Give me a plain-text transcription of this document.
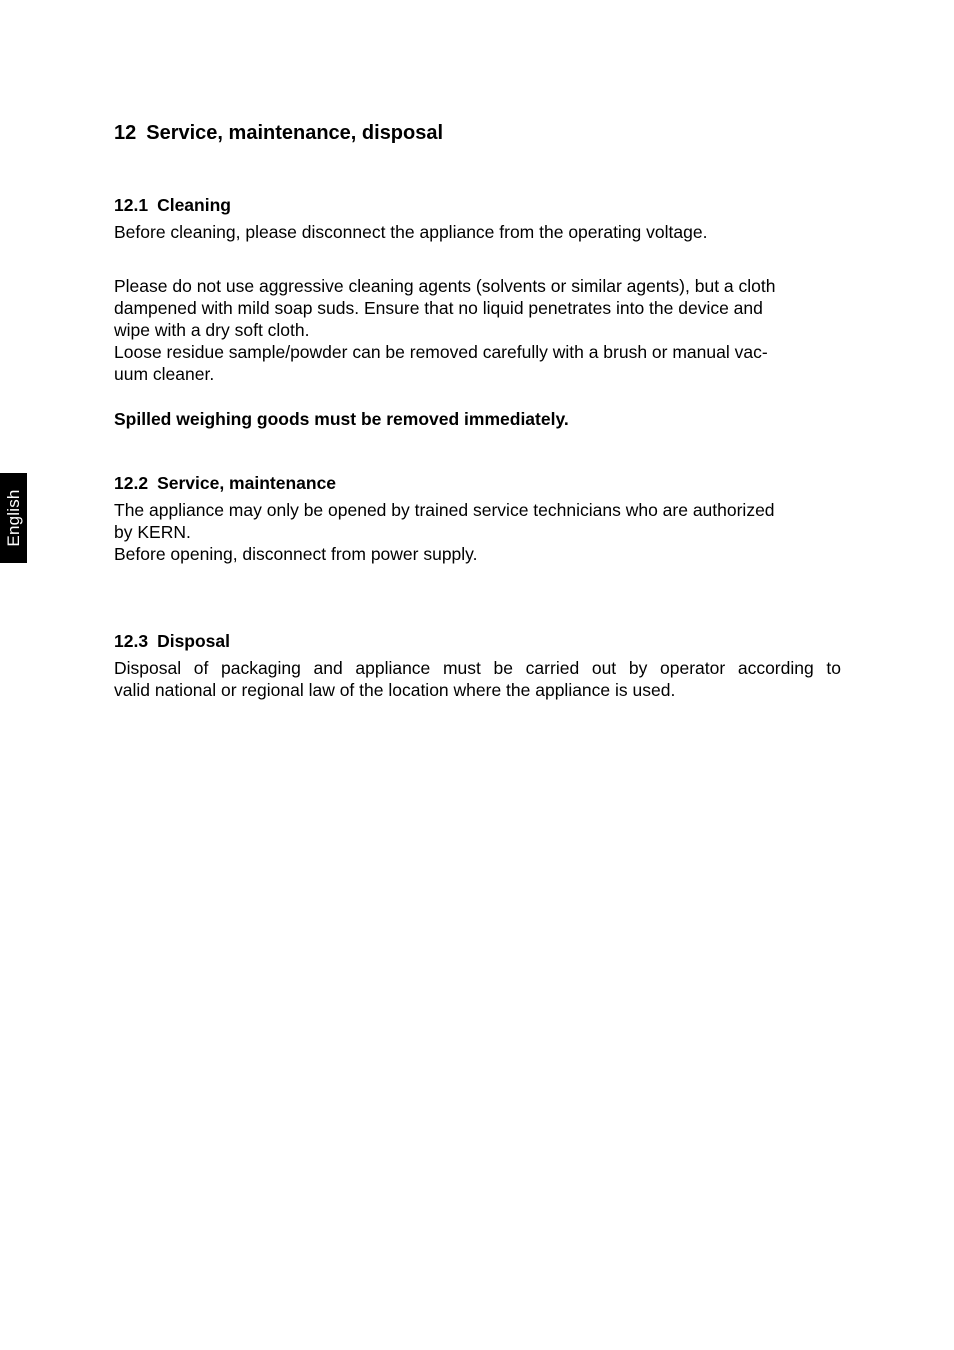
English
12 Service, maintenance, disposal
12.1 Cleaning

Before cleaning, please disconnect the appliance from the operating voltage.

Please do not use aggressive cleaning agents (solvents or similar agents), but a cloth
dampened with mild soap suds. Ensure that no liquid penetrates into the device and
wipe with a dry soft cloth.
Loose residue sample/powder can be removed carefully with a brush or manual vac-
uum cleaner.

Spilled weighing goods must be removed immediately.

12.2 Service, maintenance

The appliance may only be opened by trained service technicians who are authorized
by KERN.
Before opening, disconnect from power supply.

12.3 Disposal

Disposal of packaging and appliance must be carried out by operator according to
valid national or regional law of the location where the appliance is used.
